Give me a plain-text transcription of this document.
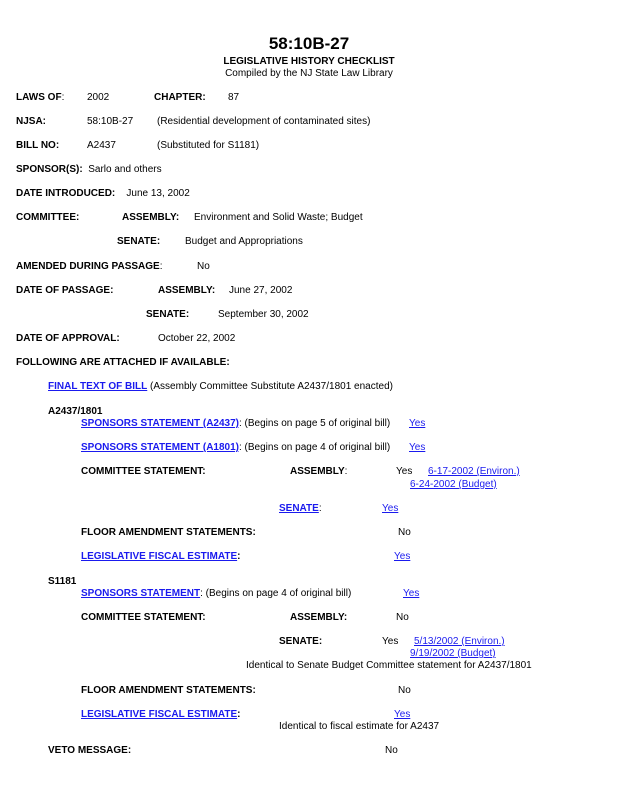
58:10B-27
LEGISLATIVE HISTORY CHECKLIST
Compiled by the NJ State Law Library
LAWS OF: 2002	CHAPTER: 87
NJSA:	58:10B-27 (Residential development of contaminated sites)
BILL NO:	A2437	(Substituted for S1181)
SPONSOR(S): Sarlo and others
DATE INTRODUCED: June 13, 2002
COMMITTEE:	ASSEMBLY: Environment and Solid Waste; Budget
SENATE: Budget and Appropriations
AMENDED DURING PASSAGE:	No
DATE OF PASSAGE:	ASSEMBLY: June 27, 2002
SENATE:	September 30, 2002
DATE OF APPROVAL:	October 22, 2002
FOLLOWING ARE ATTACHED IF AVAILABLE:
FINAL TEXT OF BILL (Assembly Committee Substitute A2437/1801 enacted)
A2437/1801
SPONSORS STATEMENT (A2437): (Begins on page 5 of original bill) Yes
SPONSORS STATEMENT (A1801): (Begins on page 4 of original bill) Yes
COMMITTEE STATEMENT:	ASSEMBLY:	Yes 6-17-2002 (Environ.)
6-24-2002 (Budget)
SENATE:	Yes
FLOOR AMENDMENT STATEMENTS:	No
LEGISLATIVE FISCAL ESTIMATE:	Yes
S1181
SPONSORS STATEMENT: (Begins on page 4 of original bill)	Yes
COMMITTEE STATEMENT:	ASSEMBLY:	No
SENATE:	Yes 5/13/2002 (Environ.)
9/19/2002 (Budget)
Identical to Senate Budget Committee statement for A2437/1801
FLOOR AMENDMENT STATEMENTS:	No
LEGISLATIVE FISCAL ESTIMATE:	Yes
Identical to fiscal estimate for A2437
VETO MESSAGE:	No
